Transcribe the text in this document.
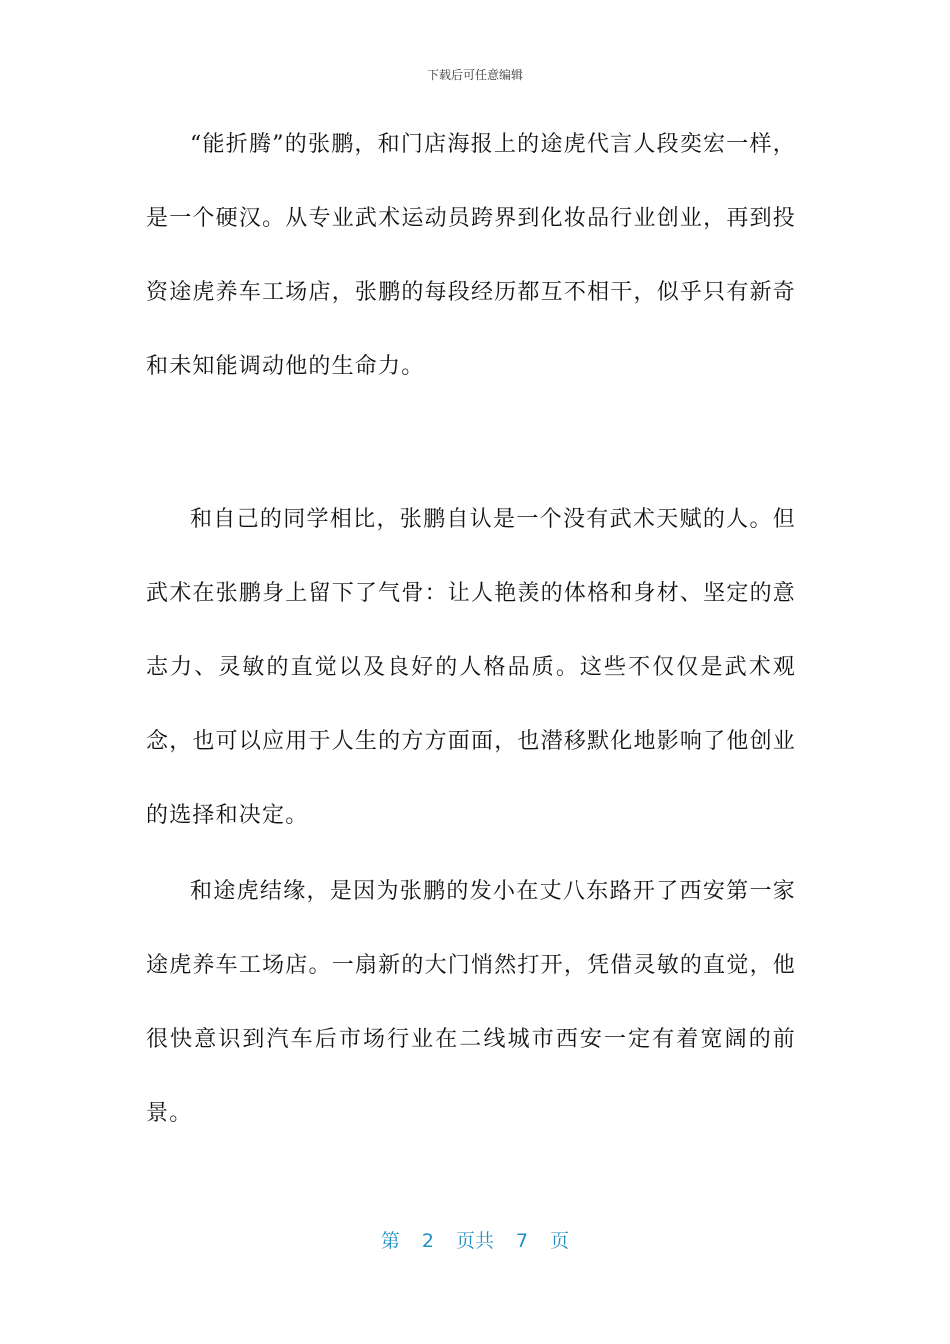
下载后可任意编辑

“能折腾”的张鹏，和门店海报上的途虎代言人段奕宏一样，是一个硬汉。从专业武术运动员跨界到化妆品行业创业，再到投资途虎养车工场店，张鹏的每段经历都互不相干，似乎只有新奇和未知能调动他的生命力。

和自己的同学相比，张鹏自认是一个没有武术天赋的人。但武术在张鹏身上留下了气骨：让人艳羡的体格和身材、坚定的意志力、灵敏的直觉以及良好的人格品质。这些不仅仅是武术观念，也可以应用于人生的方方面面，也潜移默化地影响了他创业的选择和决定。

和途虎结缘，是因为张鹏的发小在丈八东路开了西安第一家途虎养车工场店。一扇新的大门悄然打开，凭借灵敏的直觉，他很快意识到汽车后市场行业在二线城市西安一定有着宽阔的前景。

第 2 页共 7 页
